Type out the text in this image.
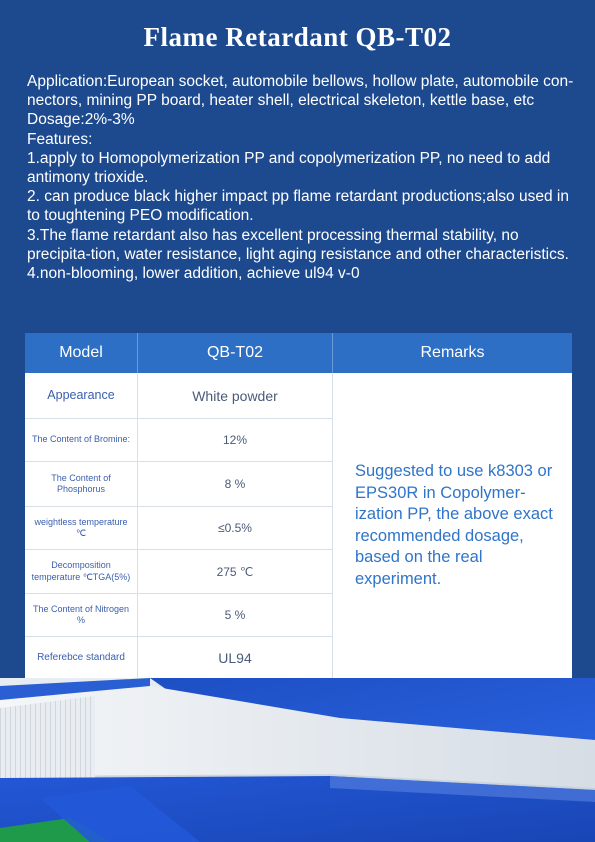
Flame Retardant QB-T02

Application:European socket, automobile bellows, hollow plate, automobile con-nectors, mining PP board, heater shell, electrical skeleton, kettle base, etc

Dosage:2%-3%

Features:

1.apply to Homopolymerization PP and copolymerization PP, no need to add antimony trioxide.

2. can produce black higher impact pp flame retardant productions;also used in to toughtening PEO modification.

3.The flame retardant also has excellent processing thermal stability, no precipita-tion, water resistance, light aging resistance and other characteristics.

4.non-blooming, lower addition, achieve ul94 v-0

Model	QB-T02	Remarks
Appearance	White powder
The Content of Bromine:	12%
The Content of Phosphorus	8 %
weightless temperature ℃	≤0.5%
Decomposition temperature ℃TGA(5%)	275 ℃
The Content of Nitrogen %	5 %
Referebce standard	UL94
Suggested to use k8303 or EPS30R in Copolymer-ization PP, the above exact recommended dosage, based on the real experiment.
